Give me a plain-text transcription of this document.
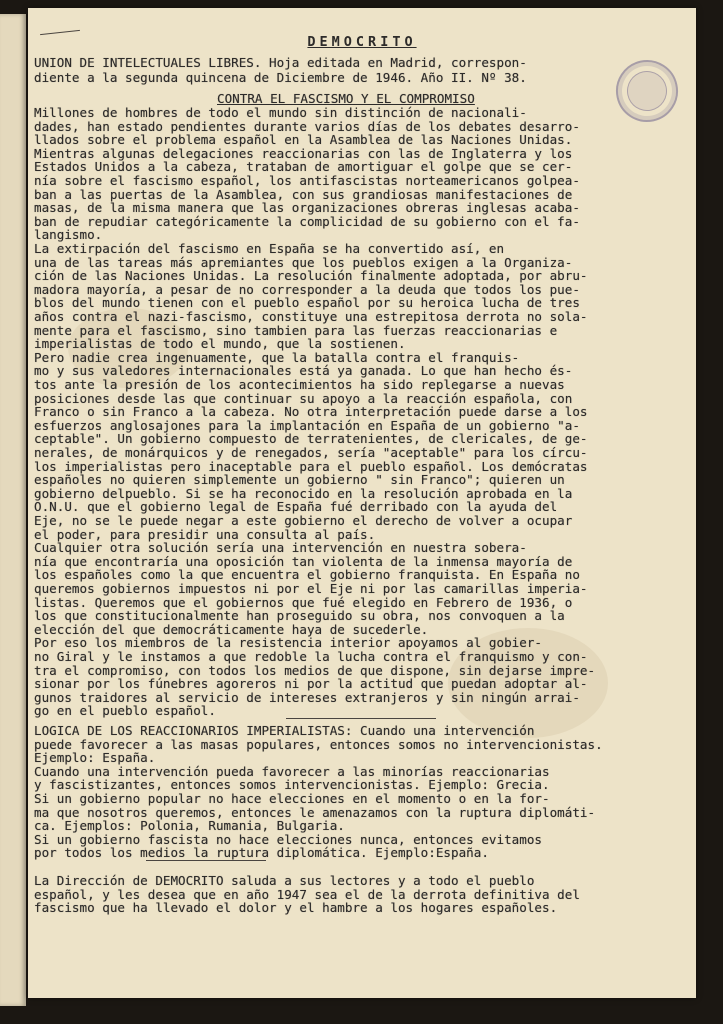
DEMOCRITO
UNION DE INTELECTUALES LIBRES. Hoja editada en Madrid, correspon-
diente a la segunda quincena de Diciembre de 1946. Año II. Nº 38.
CONTRA EL FASCISMO Y EL COMPROMISO
Millones de hombres de todo el mundo sin distinción de nacionali-
dades, han estado pendientes durante varios días de los debates desarro-
llados sobre el problema español en la Asamblea de las Naciones Unidas.
Mientras algunas delegaciones reaccionarias con las de Inglaterra y los
Estados Unidos a la cabeza, trataban de amortiguar el golpe que se cer-
nía sobre el fascismo español, los antifascistas norteamericanos golpea-
ban a las puertas de la Asamblea, con sus grandiosas manifestaciones de
masas, de la misma manera que las organizaciones obreras inglesas acaba-
ban de repudiar categóricamente la complicidad de su gobierno con el fa-
langismo.
La extirpación del fascismo en España se ha convertido así, en
una de las tareas más apremiantes que los pueblos exigen a la Organiza-
ción de las Naciones Unidas. La resolución finalmente adoptada, por abru-
madora mayoría, a pesar de no corresponder a la deuda que todos los pue-
blos del mundo tienen con el pueblo español por su heroica lucha de tres
años contra el nazi-fascismo, constituye una estrepitosa derrota no sola-
mente para el fascismo, sino tambien para las fuerzas reaccionarias e
imperialistas de todo el mundo, que la sostienen.
Pero nadie crea ingenuamente, que la batalla contra el franquis-
mo y sus valedores internacionales está ya ganada. Lo que han hecho és-
tos ante la presión de los acontecimientos ha sido replegarse a nuevas
posiciones desde las que continuar su apoyo a la reacción española, con
Franco o sin Franco a la cabeza. No otra interpretación puede darse a los
esfuerzos anglosajones para la implantación en España de un gobierno "a-
ceptable". Un gobierno compuesto de terratenientes, de clericales, de ge-
nerales, de monárquicos y de renegados, sería "aceptable" para los círcu-
los imperialistas pero inaceptable para el pueblo español. Los demócratas
españoles no quieren simplemente un gobierno " sin Franco"; quieren un
gobierno delpueblo. Si se ha reconocido en la resolución aprobada en la
O.N.U. que el gobierno legal de España fué derribado con la ayuda del
Eje, no se le puede negar a este gobierno el derecho de volver a ocupar
el poder, para presidir una consulta al país.
Cualquier otra solución sería una intervención en nuestra sobera-
nía que encontraría una oposición tan violenta de la inmensa mayoría de
los españoles como la que encuentra el gobierno franquista. En España no
queremos gobiernos impuestos ni por el Eje ni por las camarillas imperia-
listas. Queremos que el gobiernos que fué elegido en Febrero de 1936, o
los que constitucionalmente han proseguido su obra, nos convoquen a la
elección del que democráticamente haya de sucederle.
Por eso los miembros de la resistencia interior apoyamos al gobier-
no Giral y le instamos a que redoble la lucha contra el franquismo y con-
tra el compromiso, con todos los medios de que dispone, sin dejarse impre-
sionar por los fúnebres agoreros ni por la actitud que puedan adoptar al-
gunos traidores al servicio de intereses extranjeros y sin ningún arrai-
go en el pueblo español.
LOGICA DE LOS REACCIONARIOS IMPERIALISTAS: Cuando una intervención
puede favorecer a las masas populares, entonces somos no intervencionistas.
Ejemplo: España.
Cuando una intervención pueda favorecer a las minorías reaccionarias
y fascistizantes, entonces somos intervencionistas. Ejemplo: Grecia.
Si un gobierno popular no hace elecciones en el momento o en la for-
ma que nosotros queremos, entonces le amenazamos con la ruptura diplomáti-
ca. Ejemplos: Polonia, Rumania, Bulgaria.
Si un gobierno fascista no hace elecciones nunca, entonces evitamos
por todos los medios la ruptura diplomática. Ejemplo:España.
La Dirección de DEMOCRITO saluda a sus lectores y a todo el pueblo
español, y les desea que en año 1947 sea el de la derrota definitiva del
fascismo que ha llevado el dolor y el hambre a los hogares españoles.
